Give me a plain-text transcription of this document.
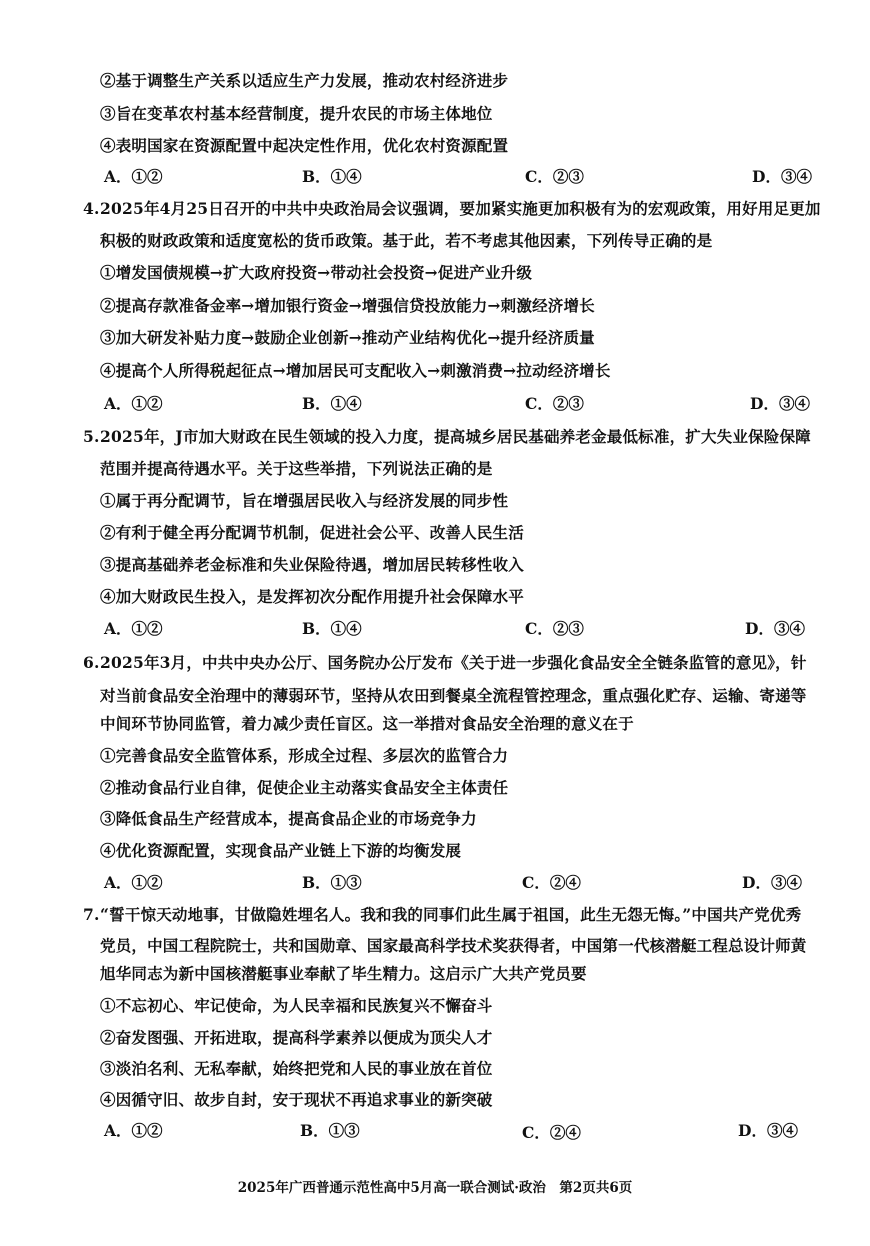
②基于调整生产关系以适应生产力发展，推动农村经济进步
③旨在变革农村基本经营制度，提升农民的市场主体地位
④表明国家在资源配置中起决定性作用，优化农村资源配置
A．①②	B．①④	C．②③	D．③④
4.2025年4月25日召开的中共中央政治局会议强调，要加紧实施更加积极有为的宏观政策，用好用足更加
积极的财政政策和适度宽松的货币政策。基于此，若不考虑其他因素，下列传导正确的是
①增发国债规模→扩大政府投资→带动社会投资→促进产业升级
②提高存款准备金率→增加银行资金→增强信贷投放能力→刺激经济增长
③加大研发补贴力度→鼓励企业创新→推动产业结构优化→提升经济质量
④提高个人所得税起征点→增加居民可支配收入→刺激消费→拉动经济增长
A．①②	B．①④	C．②③	D．③④
5.2025年，J市加大财政在民生领域的投入力度，提高城乡居民基础养老金最低标准，扩大失业保险保障
范围并提高待遇水平。关于这些举措，下列说法正确的是
①属于再分配调节，旨在增强居民收入与经济发展的同步性
②有利于健全再分配调节机制，促进社会公平、改善人民生活
③提高基础养老金标准和失业保险待遇，增加居民转移性收入
④加大财政民生投入，是发挥初次分配作用提升社会保障水平
A．①②	B．①④	C．②③	D．③④
6.2025年3月，中共中央办公厅、国务院办公厅发布《关于进一步强化食品安全全链条监管的意见》，针
对当前食品安全治理中的薄弱环节，坚持从农田到餐桌全流程管控理念，重点强化贮存、运输、寄递等
中间环节协同监管，着力减少责任盲区。这一举措对食品安全治理的意义在于
①完善食品安全监管体系，形成全过程、多层次的监管合力
②推动食品行业自律，促使企业主动落实食品安全主体责任
③降低食品生产经营成本，提高食品企业的市场竞争力
④优化资源配置，实现食品产业链上下游的均衡发展
A．①②	B．①③	C．②④	D．③④
7.“誓干惊天动地事，甘做隐姓埋名人。我和我的同事们此生属于祖国，此生无怨无悔。”中国共产党优秀
党员，中国工程院院士，共和国勋章、国家最高科学技术奖获得者，中国第一代核潜艇工程总设计师黄
旭华同志为新中国核潜艇事业奉献了毕生精力。这启示广大共产党员要
①不忘初心、牢记使命，为人民幸福和民族复兴不懈奋斗
②奋发图强、开拓进取，提高科学素养以便成为顶尖人才
③淡泊名利、无私奉献，始终把党和人民的事业放在首位
④因循守旧、故步自封，安于现状不再追求事业的新突破
A．①②	B．①③	C．②④	D．③④
2025年广西普通示范性高中5月高一联合测试·政治　第2页共6页
